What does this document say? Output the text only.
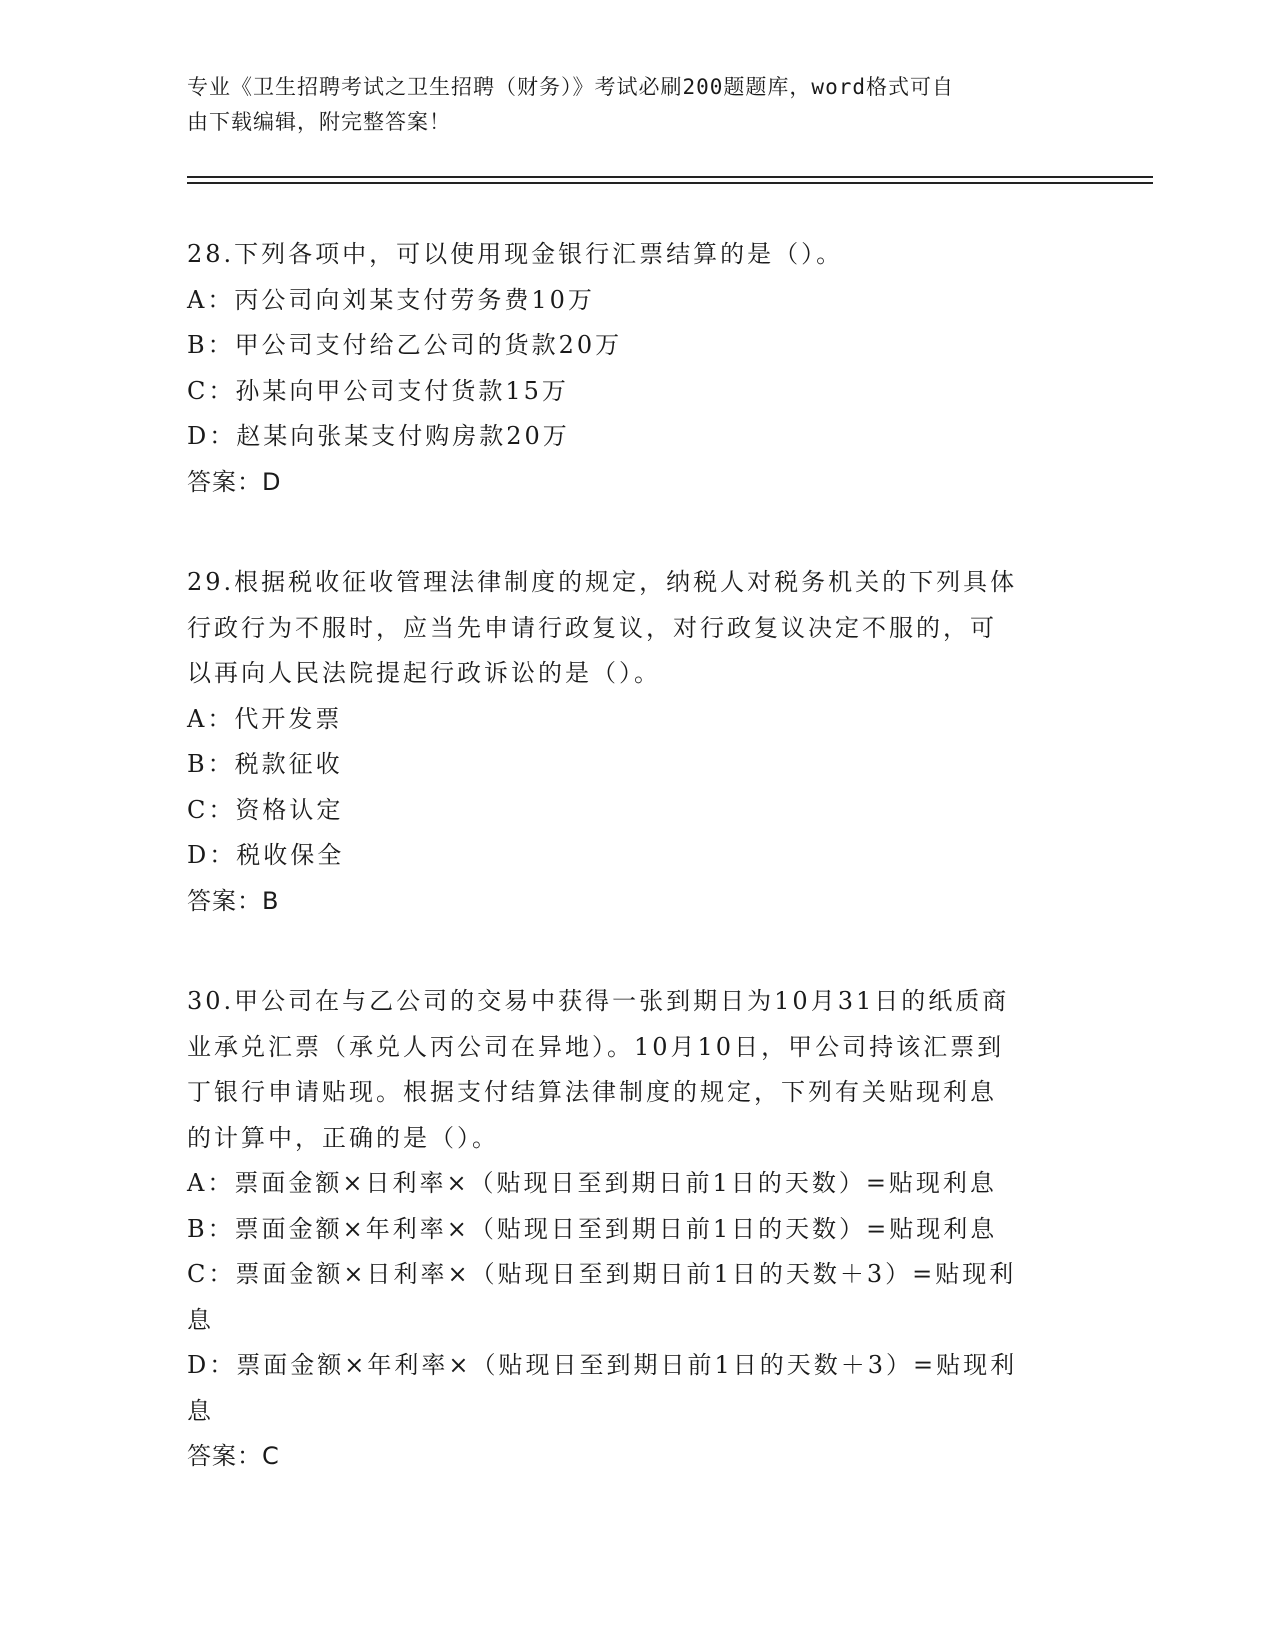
专业《卫生招聘考试之卫生招聘（财务）》考试必刷200题题库，word格式可自
由下载编辑，附完整答案！

28.下列各项中，可以使用现金银行汇票结算的是（）。

A：丙公司向刘某支付劳务费10万

B：甲公司支付给乙公司的货款20万

C：孙某向甲公司支付货款15万

D：赵某向张某支付购房款20万

答案：D

29.根据税收征收管理法律制度的规定，纳税人对税务机关的下列具体

行政行为不服时，应当先申请行政复议，对行政复议决定不服的，可

以再向人民法院提起行政诉讼的是（）。

A：代开发票

B：税款征收

C：资格认定

D：税收保全

答案：B

30.甲公司在与乙公司的交易中获得一张到期日为10月31日的纸质商

业承兑汇票（承兑人丙公司在异地）。10月10日，甲公司持该汇票到

丁银行申请贴现。根据支付结算法律制度的规定，下列有关贴现利息

的计算中，正确的是（）。

A：票面金额×日利率×（贴现日至到期日前1日的天数）=贴现利息

B：票面金额×年利率×（贴现日至到期日前1日的天数）=贴现利息

C：票面金额×日利率×（贴现日至到期日前1日的天数＋3）=贴现利

息

D：票面金额×年利率×（贴现日至到期日前1日的天数＋3）=贴现利

息

答案：C
